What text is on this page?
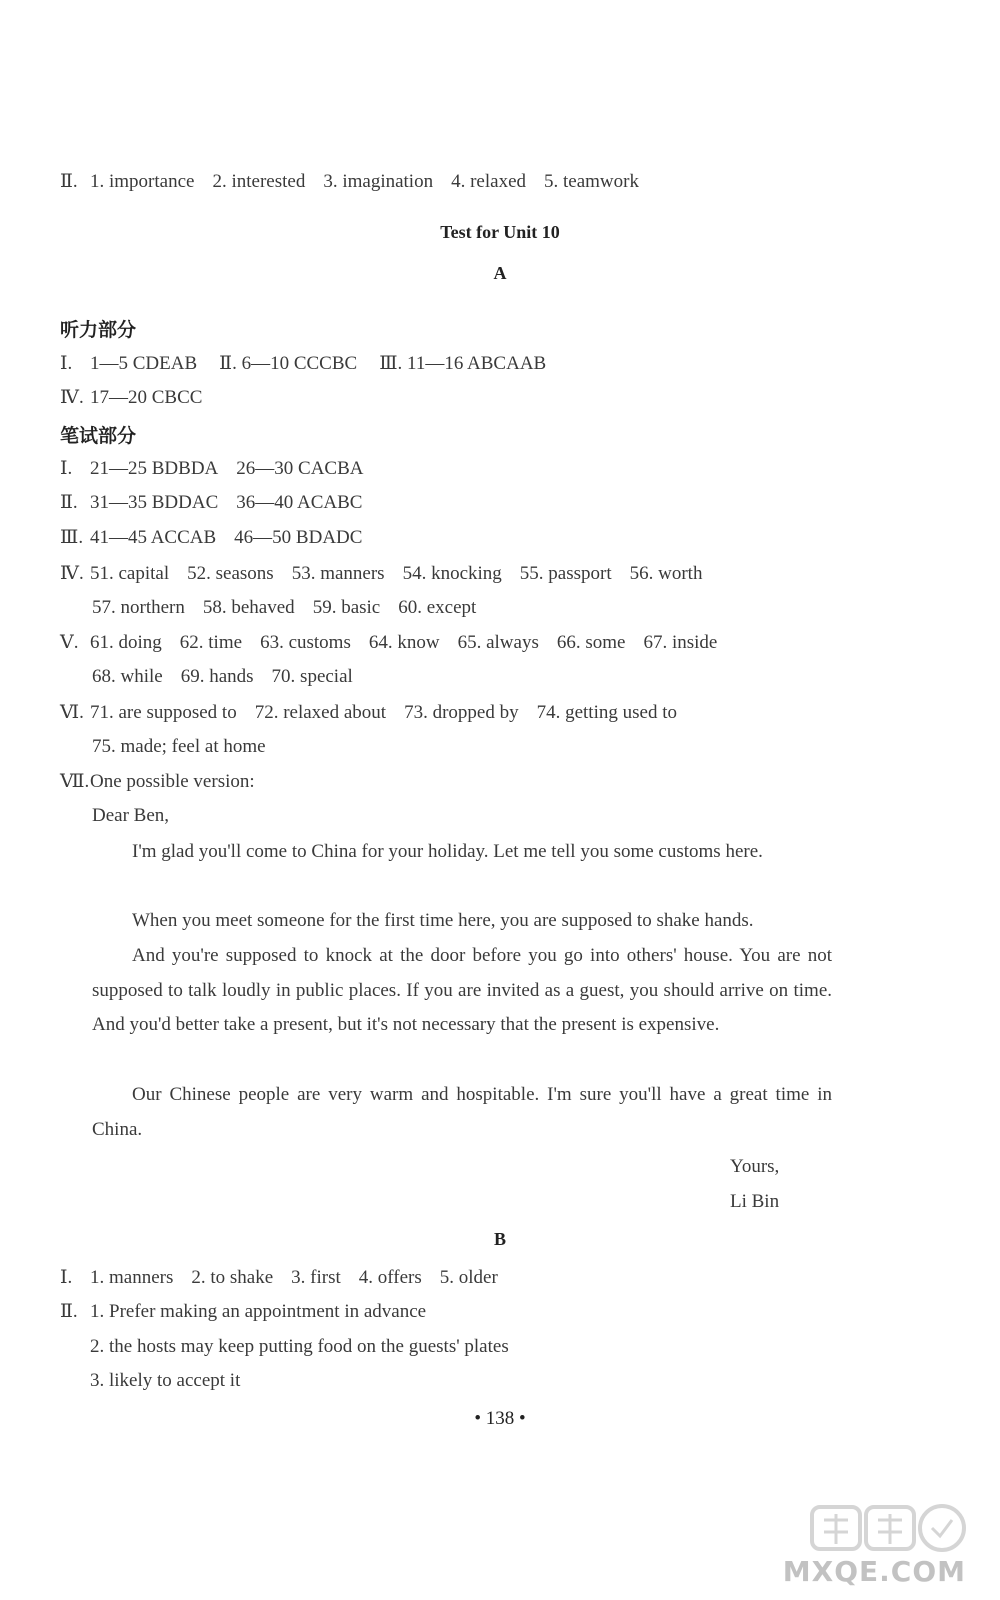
Ⅱ. 1. importance 2. interested 3. imagination 4. relaxed 5. teamwork
Test for Unit 10
A
听力部分
Ⅰ. 1—5 CDEAB Ⅱ. 6—10 CCCBC Ⅲ. 11—16 ABCAAB
Ⅳ. 17—20 CBCC
笔试部分
Ⅰ. 21—25 BDBDA 26—30 CACBA
Ⅱ. 31—35 BDDAC 36—40 ACABC
Ⅲ. 41—45 ACCAB 46—50 BDADC
Ⅳ. 51. capital 52. seasons 53. manners 54. knocking 55. passport 56. worth
57. northern 58. behaved 59. basic 60. except
Ⅴ. 61. doing 62. time 63. customs 64. know 65. always 66. some 67. inside
68. while 69. hands 70. special
Ⅵ. 71. are supposed to 72. relaxed about 73. dropped by 74. getting used to
75. made; feel at home
Ⅶ.One possible version:
Dear Ben,
I'm glad you'll come to China for your holiday. Let me tell you some customs here.
When you meet someone for the first time here, you are supposed to shake hands.
And you're supposed to knock at the door before you go into others' house. You are not supposed to talk loudly in public places. If you are invited as a guest, you should arrive on time. And you'd better take a present, but it's not necessary that the present is expensive.
Our Chinese people are very warm and hospitable. I'm sure you'll have a great time in China.
Yours,
Li Bin
B
Ⅰ. 1. manners 2. to shake 3. first 4. offers 5. older
Ⅱ. 1. Prefer making an appointment in advance
2. the hosts may keep putting food on the guests' plates
3. likely to accept it
• 138 •
MXQE.COM
